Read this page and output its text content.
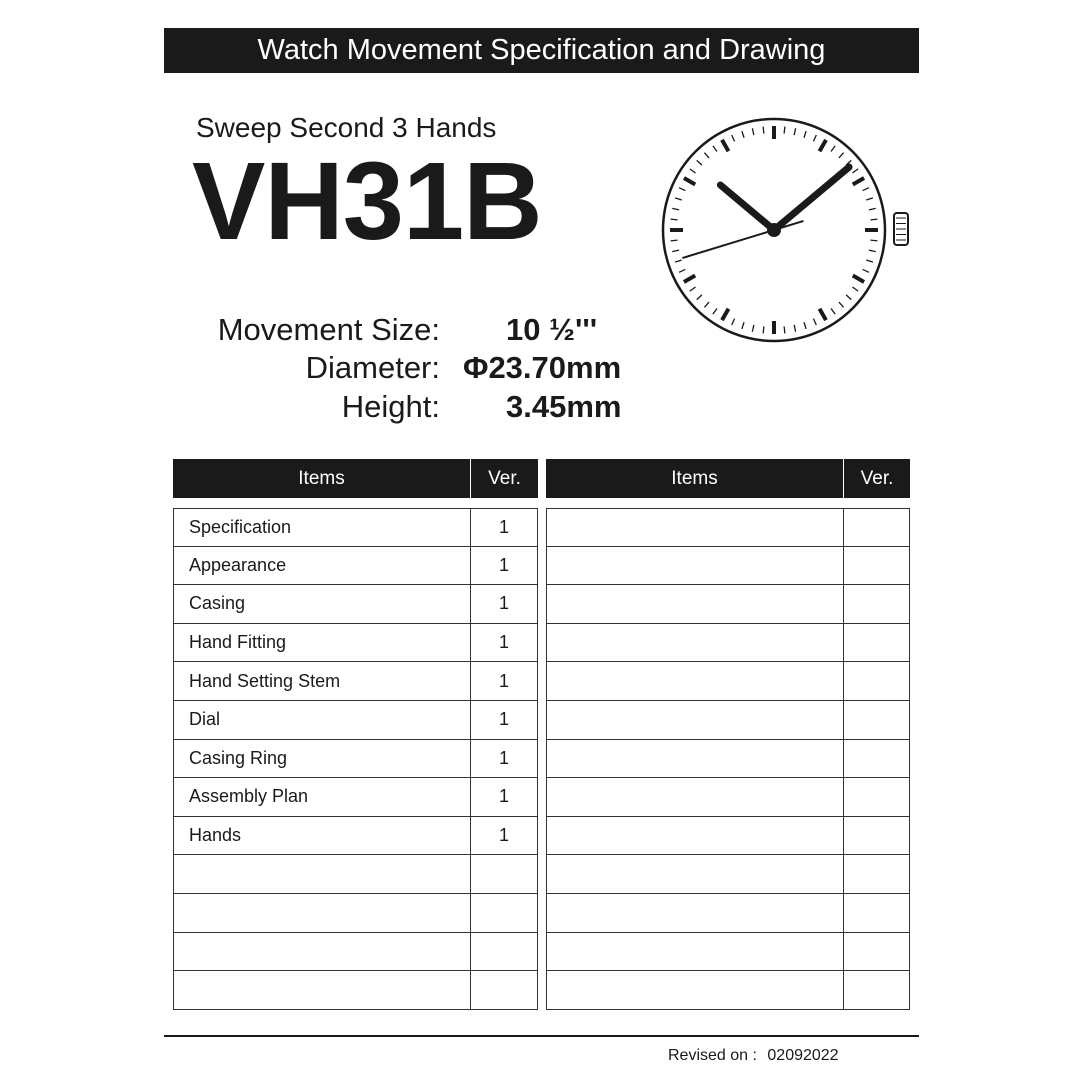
Watch Movement Specification and Drawing
Sweep Second 3 Hands
VH31B
Movement Size: 10 ½'''
Diameter: Φ23.70mm
Height: 3.45mm
Items	Ver.

Specification	1
Appearance	1
Casing	1
Hand Fitting	1
Hand Setting Stem	1
Dial	1
Casing Ring	1
Assembly Plan	1
Hands	1

Items	Ver.

Revised on : 02092022
